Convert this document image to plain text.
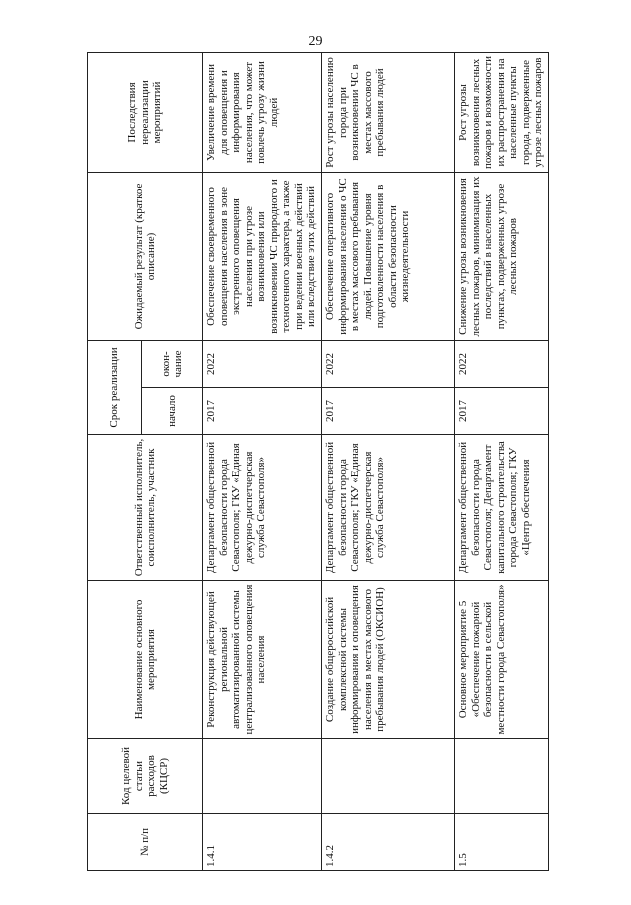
29
№ п/п	Код целевой статьи расходов (КЦСР)	Наименование основного мероприятия	Ответственный исполнитель, соисполнитель, участник	Срок реализации		Ожидаемый результат (краткое описание)	Последствия нереализации мероприятий
				начало	окон-чание		
1.4.1		Реконструкция действующей региональной автоматизированной системы централизованного оповещения населения	Департамент общественной безопасности города Севастополя; ГКУ «Единая дежурно-диспетчерская служба Севастополя»	2017	2022	Обеспечение своевременного оповещения населения в зоне экстренного оповещения населения при угрозе возникновения или возникновении ЧС природного и техногенного характера, а также при ведении военных действий или вследствие этих действий	Увеличение времени для оповещения и информирования населения, что может повлечь угрозу жизни людей
1.4.2		Создание общероссийской комплексной системы информирования и оповещения населения в местах массового пребывания людей (ОКСИОН)	Департамент общественной безопасности города Севастополя; ГКУ «Единая дежурно-диспетчерская служба Севастополя»	2017	2022	Обеспечение оперативного информирования населения о ЧС в местах массового пребывания людей. Повышение уровня подготовленности населения в области безопасности жизнедеятельности	Рост угрозы населению города при возникновении ЧС в местах массового пребывания людей
1.5		Основное мероприятие 5 «Обеспечение пожарной безопасности в сельской местности города Севастополя»	Департамент общественной безопасности города Севастополя; Департамент капитального строительства города Севастополя; ГКУ «Центр обеспечения	2017	2022	Снижение угрозы возникновения лесных пожаров, минимизация их последствий в населенных пунктах, подверженных угрозе лесных пожаров	Рост угрозы возникновения лесных пожаров и возможности их распространения на населенные пункты города, подверженные угрозе лесных пожаров
